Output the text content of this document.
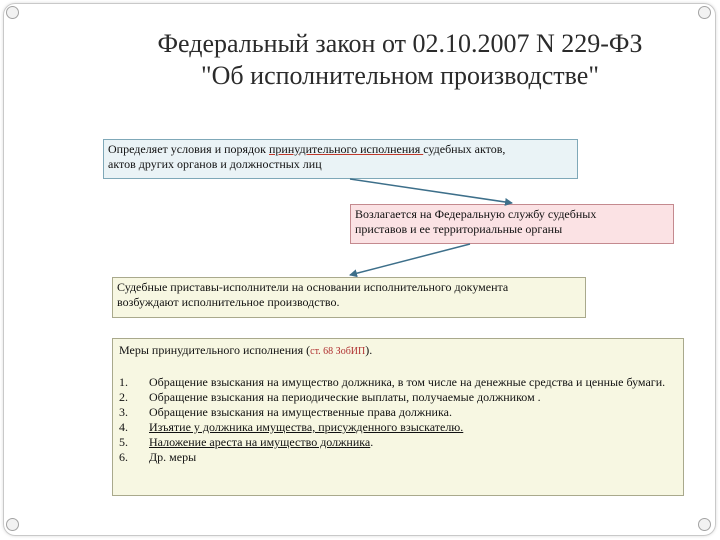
Федеральный закон от 02.10.2007 N 229-ФЗ
"Об исполнительном производстве"
Определяет условия и порядок принудительного исполнения судебных актов,
актов других органов и должностных лиц
Возлагается на Федеральную службу судебных
приставов и ее территориальные органы
Судебные приставы-исполнители на основании исполнительного документа
возбуждают исполнительное производство.
Меры принудительного исполнения (ст. 68 ЗобИП).
1. Обращение взыскания на имущество должника, в том числе на денежные средства и ценные бумаги.
2. Обращение взыскания на периодические выплаты, получаемые должником .
3. Обращение взыскания на имущественные права должника.
4. Изъятие у должника имущества, присужденного взыскателю.
5. Наложение ареста на имущество должника.
6. Др. меры
